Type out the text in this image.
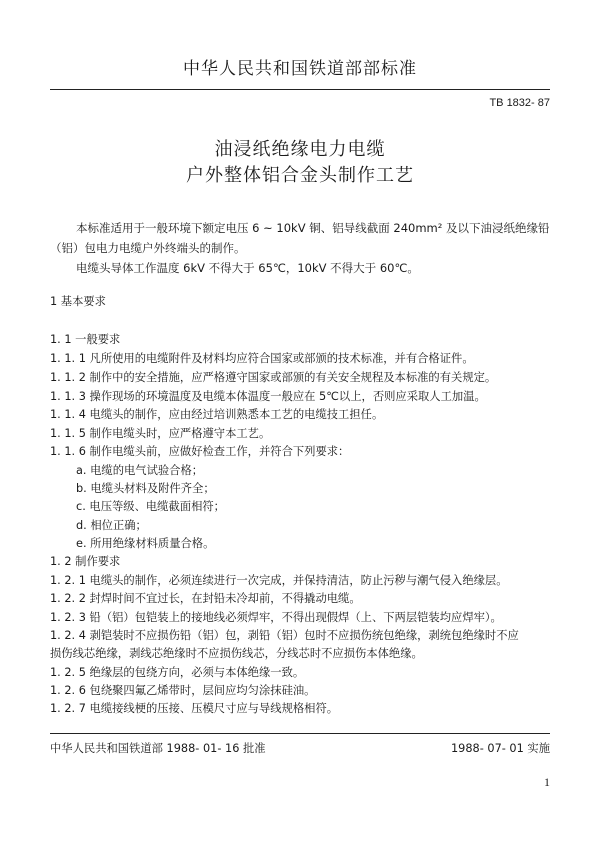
中华人民共和国铁道部部标准
TB 1832- 87
油浸纸绝缘电力电缆
户外整体铝合金头制作工艺
本标准适用于一般环境下额定电压 6 ~ 10kV 铜、铝导线截面 240mm² 及以下油浸纸绝缘铅
（铝）包电力电缆户外终端头的制作。
电缆头导体工作温度 6kV 不得大于 65℃，10kV 不得大于 60℃。
1 基本要求
1. 1 一般要求
1. 1. 1 凡所使用的电缆附件及材料均应符合国家或部颁的技术标准，并有合格证件。
1. 1. 2 制作中的安全措施，应严格遵守国家或部颁的有关安全规程及本标准的有关规定。
1. 1. 3 操作现场的环境温度及电缆本体温度一般应在 5℃以上，否则应采取人工加温。
1. 1. 4 电缆头的制作，应由经过培训熟悉本工艺的电缆技工担任。
1. 1. 5 制作电缆头时，应严格遵守本工艺。
1. 1. 6 制作电缆头前，应做好检查工作，并符合下列要求：
a. 电缆的电气试验合格；
b. 电缆头材料及附件齐全；
c. 电压等级、电缆截面相符；
d. 相位正确；
e. 所用绝缘材料质量合格。
1. 2 制作要求
1. 2. 1 电缆头的制作，必须连续进行一次完成，并保持清洁，防止污秽与潮气侵入绝缘层。
1. 2. 2 封焊时间不宜过长，在封铅未冷却前，不得撬动电缆。
1. 2. 3 铅（铝）包铠装上的接地线必须焊牢，不得出现假焊（上、下两层铠装均应焊牢）。
1. 2. 4 剥铠装时不应损伤铅（铝）包，剥铅（铝）包时不应损伤统包绝缘，剥统包绝缘时不应
损伤线芯绝缘，剥线芯绝缘时不应损伤线芯，分线芯时不应损伤本体绝缘。
1. 2. 5 绝缘层的包绕方向，必须与本体绝缘一致。
1. 2. 6 包绕聚四氟乙烯带时，层间应均匀涂抹硅油。
1. 2. 7 电缆接线梗的压接、压模尺寸应与导线规格相符。
中华人民共和国铁道部 1988- 01- 16 批准	1988- 07- 01 实施
1
